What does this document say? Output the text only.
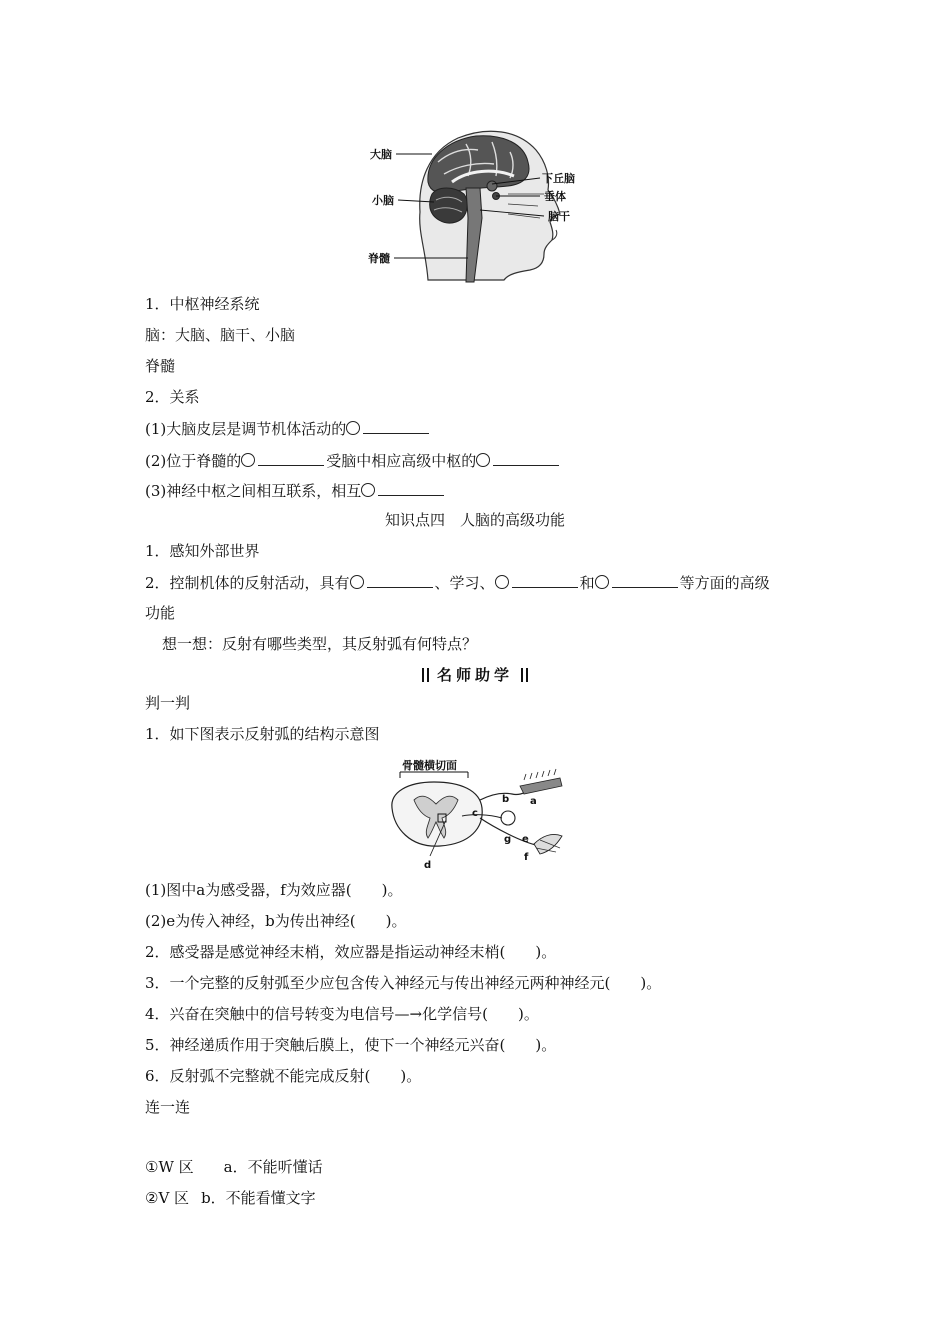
大脑
小脑
脊髓
下丘脑
垂体
脑干
1．中枢神经系统
脑：大脑、脑干、小脑
脊髓
2．关系
(1)大脑皮层是调节机体活动的
(2)位于脊髓的	受脑中相应高级中枢的
(3)神经中枢之间相互联系，相互
知识点四　人脑的高级功能
1．感知外部世界
2．控制机体的反射活动，具有	、学习、	和	等方面的高级
功能
想一想：反射有哪些类型，其反射弧有何特点？
名师助学
判一判
1．如下图表示反射弧的结构示意图
骨髓横切面
a
b
c
d
e
f
g
(1)图中a为感受器，f为效应器( )。
(2)e为传入神经，b为传出神经( )。
2．感受器是感觉神经末梢，效应器是指运动神经末梢( )。
3．一个完整的反射弧至少应包含传入神经元与传出神经元两种神经元( )。
4．兴奋在突触中的信号转变为电信号—→化学信号( )。
5．神经递质作用于突触后膜上，使下一个神经元兴奋( )。
6．反射弧不完整就不能完成反射( )。
连一连
①W 区 a．不能听懂话
②V 区 b．不能看懂文字
